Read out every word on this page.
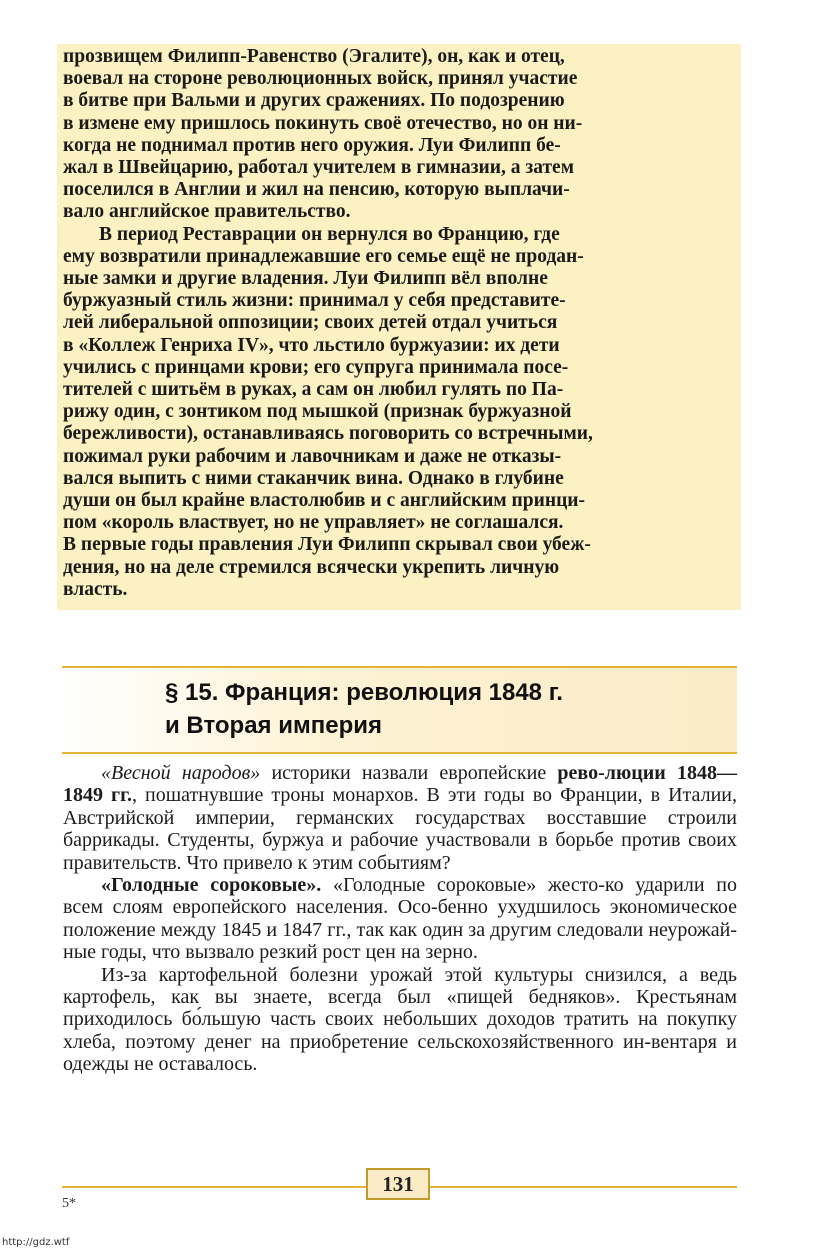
прозвищем Филипп-Равенство (Эгалите), он, как и отец,
воевал на стороне революционных войск, принял участие
в битве при Вальми и других сражениях. По подозрению
в измене ему пришлось покинуть своё отечество, но он ни-
когда не поднимал против него оружия. Луи Филипп бе-
жал в Швейцарию, работал учителем в гимназии, а затем
поселился в Англии и жил на пенсию, которую выплачи-
вало английское правительство.

В период Реставрации он вернулся во Францию, где
ему возвратили принадлежавшие его семье ещё не продан-
ные замки и другие владения. Луи Филипп вёл вполне
буржуазный стиль жизни: принимал у себя представите-
лей либеральной оппозиции; своих детей отдал учиться
в «Коллеж Генриха IV», что льстило буржуазии: их дети
учились с принцами крови; его супруга принимала посе-
тителей с шитьём в руках, а сам он любил гулять по Па-
рижу один, с зонтиком под мышкой (признак буржуазной
бережливости), останавливаясь поговорить со встречными,
пожимал руки рабочим и лавочникам и даже не отказы-
вался выпить с ними стаканчик вина. Однако в глубине
души он был крайне властолюбив и с английским принци-
пом «король властвует, но не управляет» не соглашался.
В первые годы правления Луи Филипп скрывал свои убеж-
дения, но на деле стремился всячески укрепить личную
власть.

§ 15. Франция: революция 1848 г.
и Вторая империя

«Весной народов» историки назвали европейские рево-люции 1848—1849 гг., пошатнувшие троны монархов. В эти годы во Франции, в Италии, Австрийской империи, германских государствах восставшие строили баррикады. Студенты, буржуа и рабочие участвовали в борьбе против своих правительств. Что привело к этим событиям?

«Голодные сороковые». «Голодные сороковые» жесто-ко ударили по всем слоям европейского населения. Осо-бенно ухудшилось экономическое положение между 1845 и 1847 гг., так как один за другим следовали неурожай-ные годы, что вызвало резкий рост цен на зерно.

Из-за картофельной болезни урожай этой культуры снизился, а ведь картофель, как вы знаете, всегда был «пищей бедняков». Крестьянам приходилось бо́льшую часть своих небольших доходов тратить на покупку хлеба, поэтому денег на приобретение сельскохозяйственного ин-вентаря и одежды не оставалось.

131
5*
http://gdz.wtf
